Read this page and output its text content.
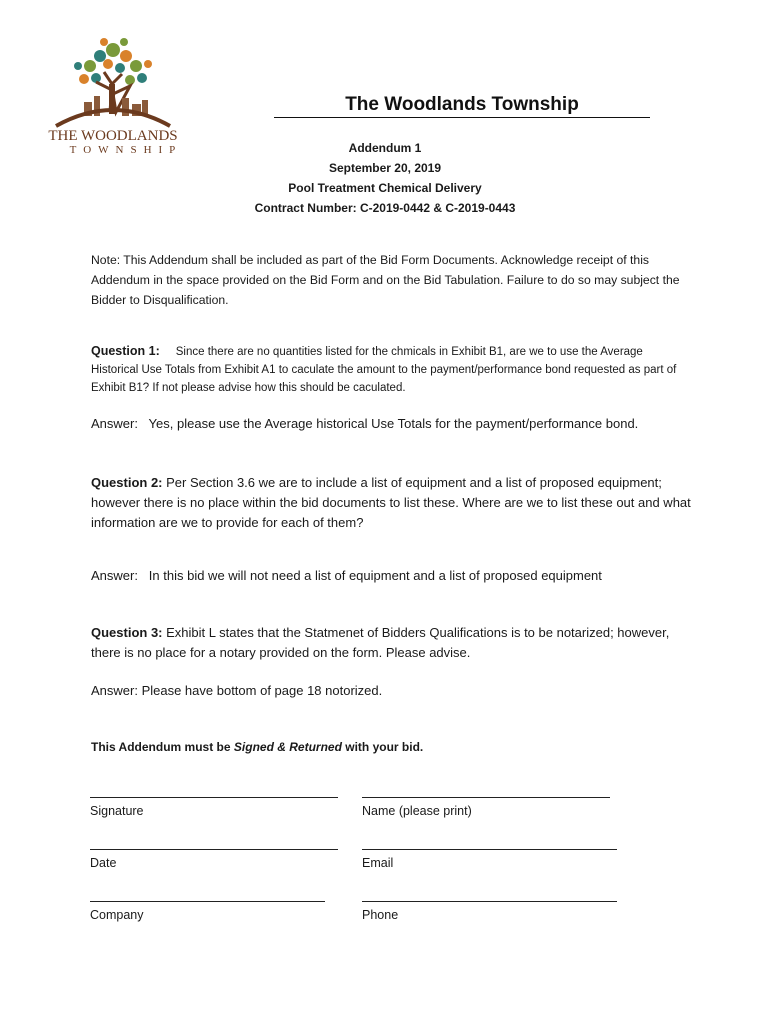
THE WOODLANDS
TOWNSHIP
The Woodlands Township
Addendum 1
September 20, 2019
Pool Treatment Chemical Delivery
Contract Number: C-2019-0442 & C-2019-0443
Note: This Addendum shall be included as part of the Bid Form Documents. Acknowledge receipt of this Addendum in the space provided on the Bid Form and on the Bid Tabulation. Failure to do so may subject the Bidder to Disqualification.
Question 1: Since there are no quantities listed for the chmicals in Exhibit B1, are we to use the Average Historical Use Totals from Exhibit A1 to caculate the amount to the payment/performance bond requested as part of Exhibit B1? If not please advise how this should be caculated.
Answer:   Yes, please use the Average historical Use Totals for the payment/performance bond.
Question 2: Per Section 3.6 we are to include a list of equipment and a list of proposed equipment; however there is no place within the bid documents to list these. Where are we to list these out and what information are we to provide for each of them?
Answer:   In this bid we will not need a list of equipment and a list of proposed equipment
Question 3: Exhibit L states that the Statmenet of Bidders Qualifications is to be notarized; however, there is no place for a notary provided on the form. Please advise.
Answer: Please have bottom of page 18 notorized.
This Addendum must be Signed & Returned with your bid.
Signature	Name (please print)
Date	Email
Company	Phone
